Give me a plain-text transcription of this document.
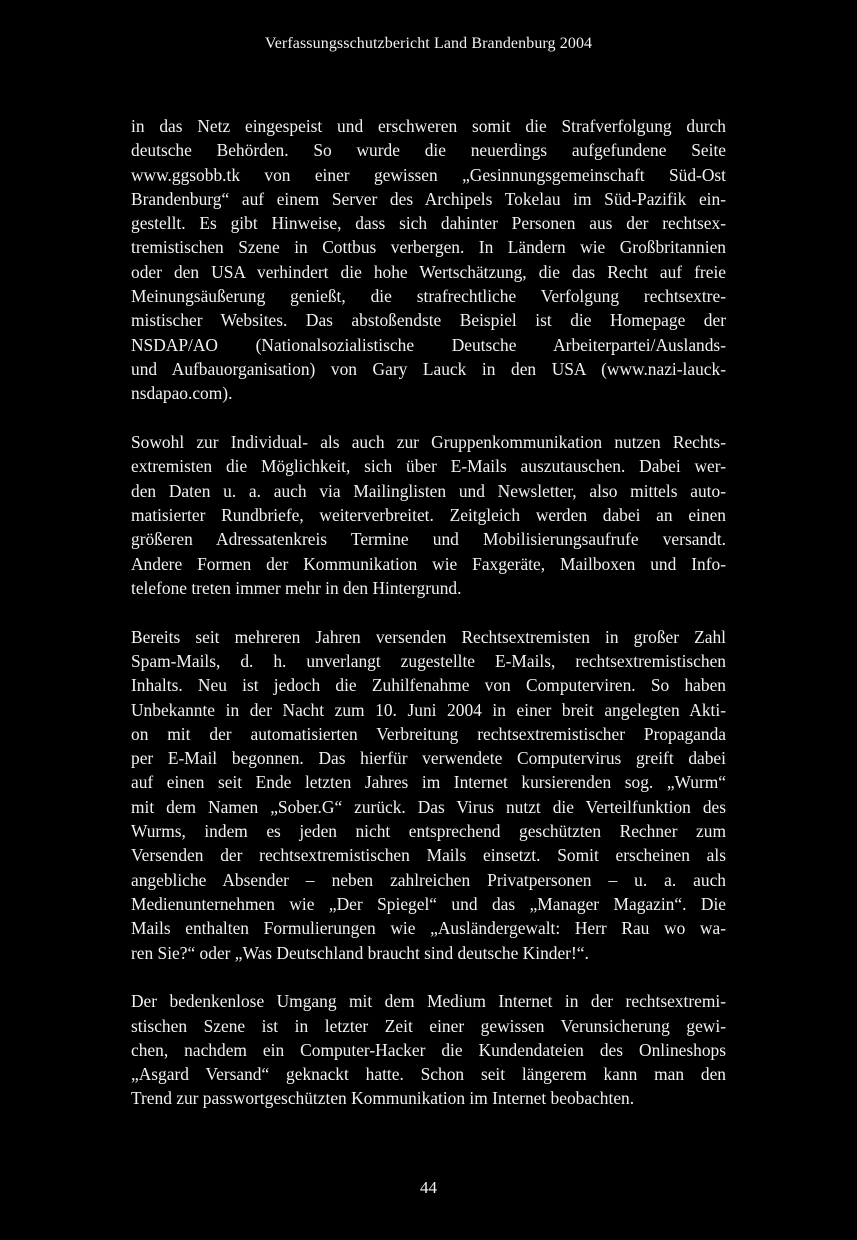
Verfassungsschutzbericht Land Brandenburg 2004
in das Netz eingespeist und erschweren somit die Strafverfolgung durch
deutsche Behörden. So wurde die neuerdings aufgefundene Seite
www.ggsobb.tk von einer gewissen „Gesinnungsgemeinschaft Süd-Ost
Brandenburg“ auf einem Server des Archipels Tokelau im Süd-Pazifik ein-
gestellt. Es gibt Hinweise, dass sich dahinter Personen aus der rechtsex-
tremistischen Szene in Cottbus verbergen. In Ländern wie Großbritannien
oder den USA verhindert die hohe Wertschätzung, die das Recht auf freie
Meinungsäußerung genießt, die strafrechtliche Verfolgung rechtsextre-
mistischer Websites. Das abstoßendste Beispiel ist die Homepage der
NSDAP/AO (Nationalsozialistische Deutsche Arbeiterpartei/Auslands-
und Aufbauorganisation) von Gary Lauck in den USA (www.nazi-lauck-
nsdapao.com).
Sowohl zur Individual- als auch zur Gruppenkommunikation nutzen Rechts-
extremisten die Möglichkeit, sich über E-Mails auszutauschen. Dabei wer-
den Daten u. a. auch via Mailinglisten und Newsletter, also mittels auto-
matisierter Rundbriefe, weiterverbreitet. Zeitgleich werden dabei an einen
größeren Adressatenkreis Termine und Mobilisierungsaufrufe versandt.
Andere Formen der Kommunikation wie Faxgeräte, Mailboxen und Info-
telefone treten immer mehr in den Hintergrund.
Bereits seit mehreren Jahren versenden Rechtsextremisten in großer Zahl
Spam-Mails, d. h. unverlangt zugestellte E-Mails, rechtsextremistischen
Inhalts. Neu ist jedoch die Zuhilfenahme von Computerviren. So haben
Unbekannte in der Nacht zum 10. Juni 2004 in einer breit angelegten Akti-
on mit der automatisierten Verbreitung rechtsextremistischer Propaganda
per E-Mail begonnen. Das hierfür verwendete Computervirus greift dabei
auf einen seit Ende letzten Jahres im Internet kursierenden sog. „Wurm“
mit dem Namen „Sober.G“ zurück. Das Virus nutzt die Verteilfunktion des
Wurms, indem es jeden nicht entsprechend geschützten Rechner zum
Versenden der rechtsextremistischen Mails einsetzt. Somit erscheinen als
angebliche Absender – neben zahlreichen Privatpersonen – u. a. auch
Medienunternehmen wie „Der Spiegel“ und das „Manager Magazin“. Die
Mails enthalten Formulierungen wie „Ausländergewalt: Herr Rau wo wa-
ren Sie?“ oder „Was Deutschland braucht sind deutsche Kinder!“.
Der bedenkenlose Umgang mit dem Medium Internet in der rechtsextremi-
stischen Szene ist in letzter Zeit einer gewissen Verunsicherung gewi-
chen, nachdem ein Computer-Hacker die Kundendateien des Onlineshops
„Asgard Versand“ geknackt hatte. Schon seit längerem kann man den
Trend zur passwortgeschützten Kommunikation im Internet beobachten.
44
